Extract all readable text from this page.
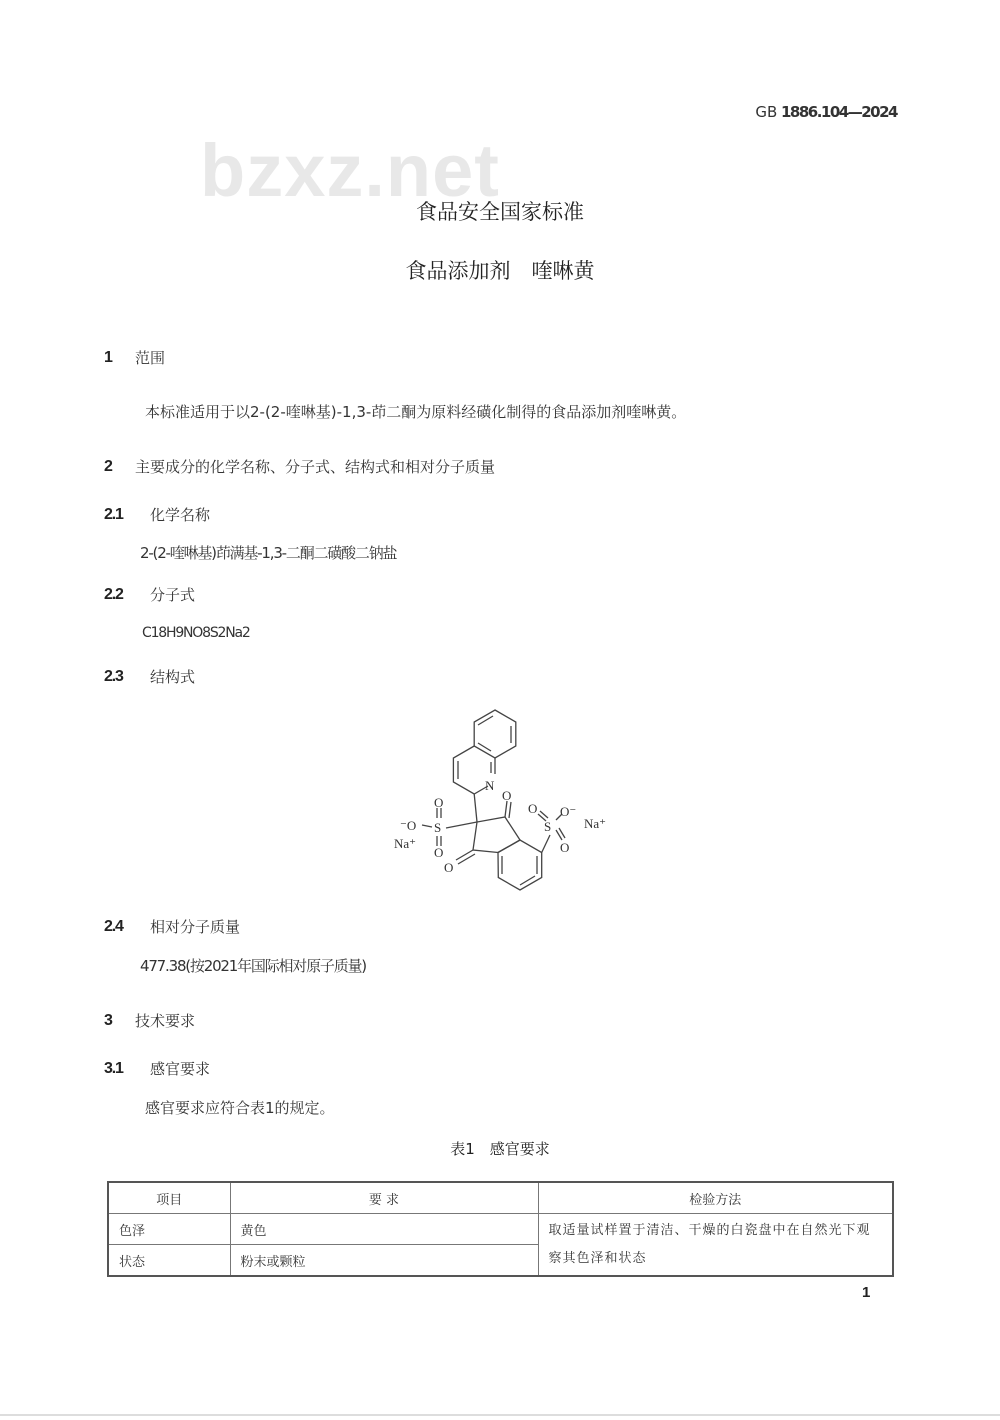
GB 1886.104—2024
bzxz.net
食品安全国家标准
食品添加剂　喹啉黄
1 范围
本标准适用于以2-(2-喹啉基)-1,3-茚二酮为原料经磺化制得的食品添加剂喹啉黄。
2 主要成分的化学名称、分子式、结构式和相对分子质量
2.1 化学名称
2-(2-喹啉基)茚满基-1,3-二酮二磺酸二钠盐
2.2 分子式
C18H9NO8S2Na2
2.3 结构式
N
O
O
S
O
O
O⁻
Na⁺
S
O
O
⁻O
Na⁺
2.4 相对分子质量
477.38(按2021年国际相对原子质量)
3 技术要求
3.1 感官要求
感官要求应符合表1的规定。
表1　感官要求
项目	要 求	检验方法
色泽	黄色	取适量试样置于清洁、干燥的白瓷盘中在自然光下观察其色泽和状态
状态	粉末或颗粒	
1
